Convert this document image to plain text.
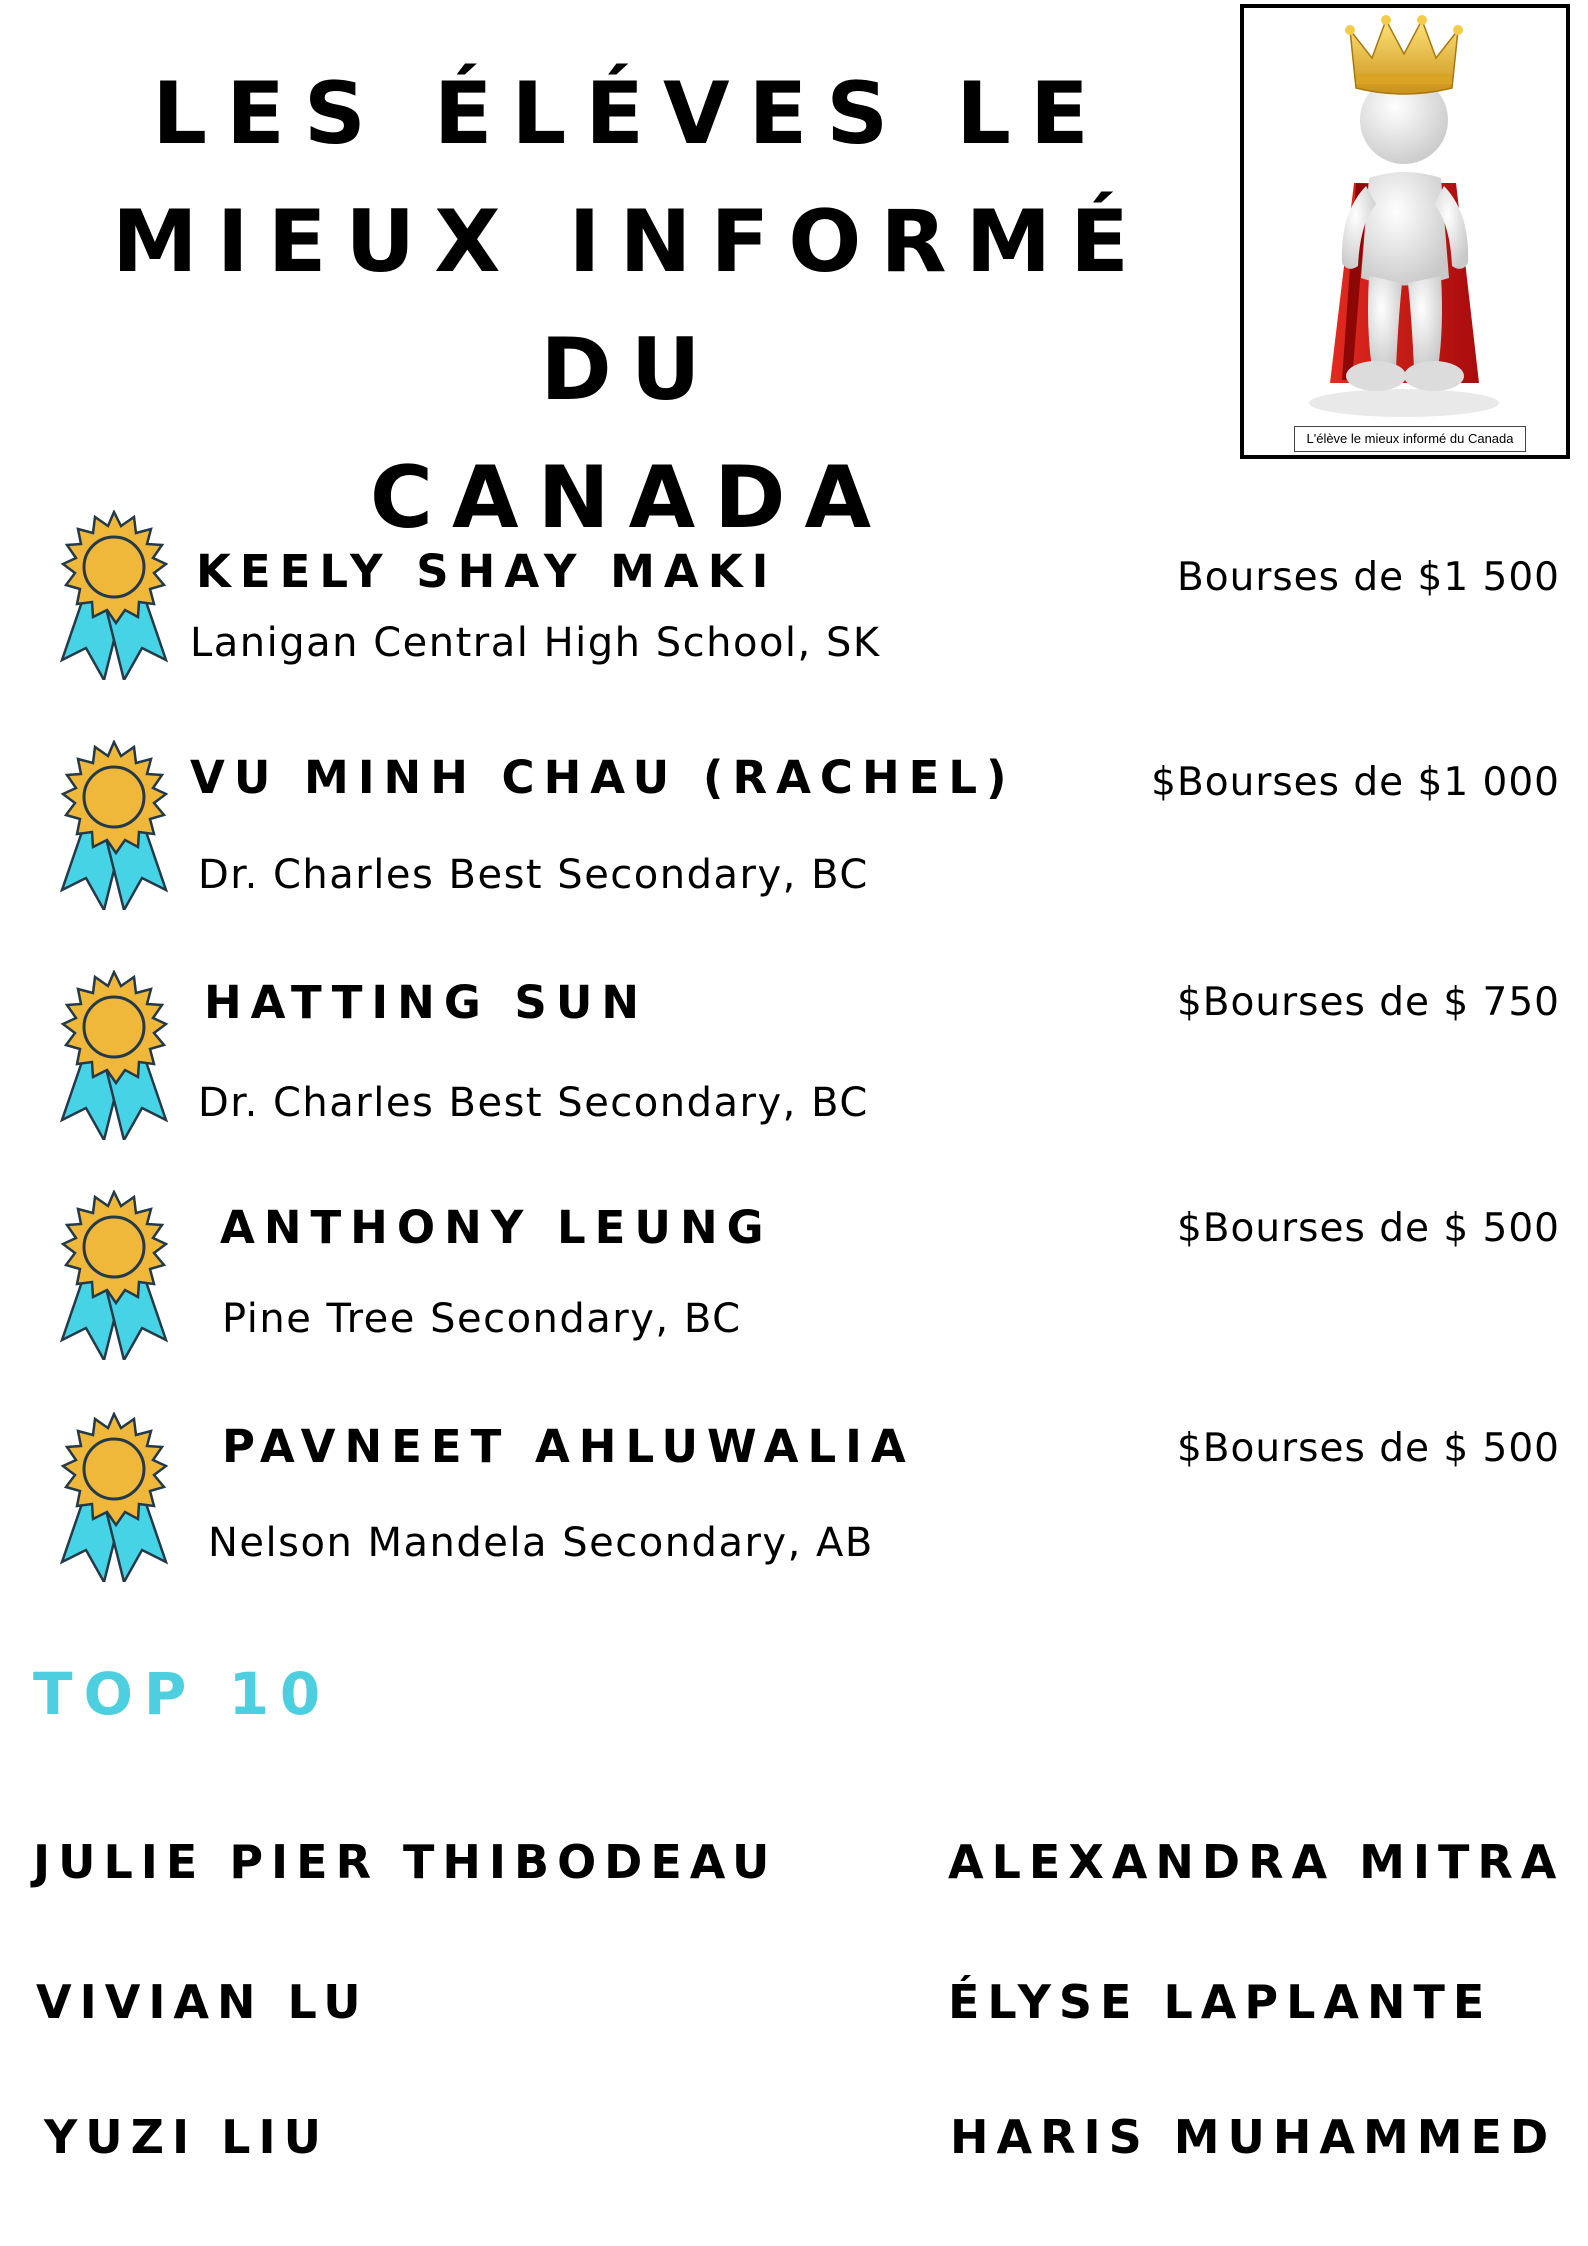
LES ÉLÉVES LE
MIEUX INFORMÉ DU
CANADA
L'élève le mieux informé du Canada

KEELY SHAY MAKI

Lanigan Central High School, SK

Bourses de $1 500

VU MINH CHAU (RACHEL)

Dr. Charles Best Secondary, BC

$Bourses de $1 000

HATTING SUN

Dr. Charles Best Secondary, BC

$Bourses de $ 750

ANTHONY LEUNG

Pine Tree Secondary, BC

$Bourses de $ 500

PAVNEET AHLUWALIA

Nelson Mandela Secondary, AB

$Bourses de $ 500

TOP 10

JULIE PIER THIBODEAU	ALEXANDRA MITRA

VIVIAN LU	ÉLYSE LAPLANTE

YUZI LIU	HARIS MUHAMMED
